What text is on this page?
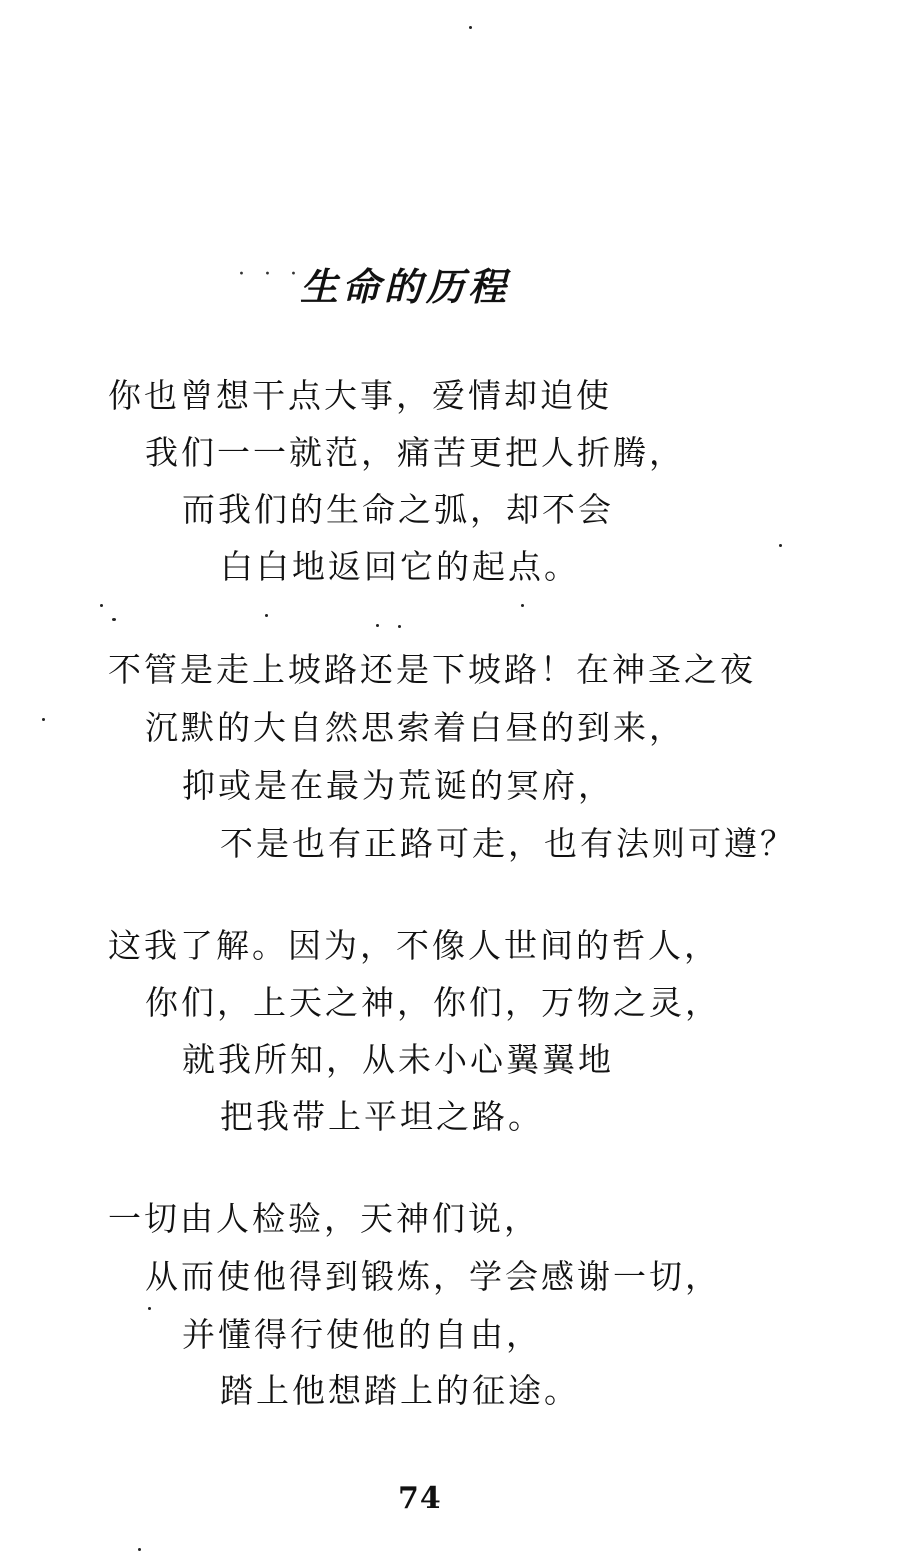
· · ·
生命的历程
你也曾想干点大事，爱情却迫使
我们一一就范，痛苦更把人折腾，
而我们的生命之弧，却不会
白白地返回它的起点。
不管是走上坡路还是下坡路！在神圣之夜
沉默的大自然思索着白昼的到来，
抑或是在最为荒诞的冥府，
不是也有正路可走，也有法则可遵？
这我了解。因为，不像人世间的哲人，
你们，上天之神，你们，万物之灵，
就我所知，从未小心翼翼地
把我带上平坦之路。
一切由人检验，天神们说，
从而使他得到锻炼，学会感谢一切，
并懂得行使他的自由，
踏上他想踏上的征途。
74
